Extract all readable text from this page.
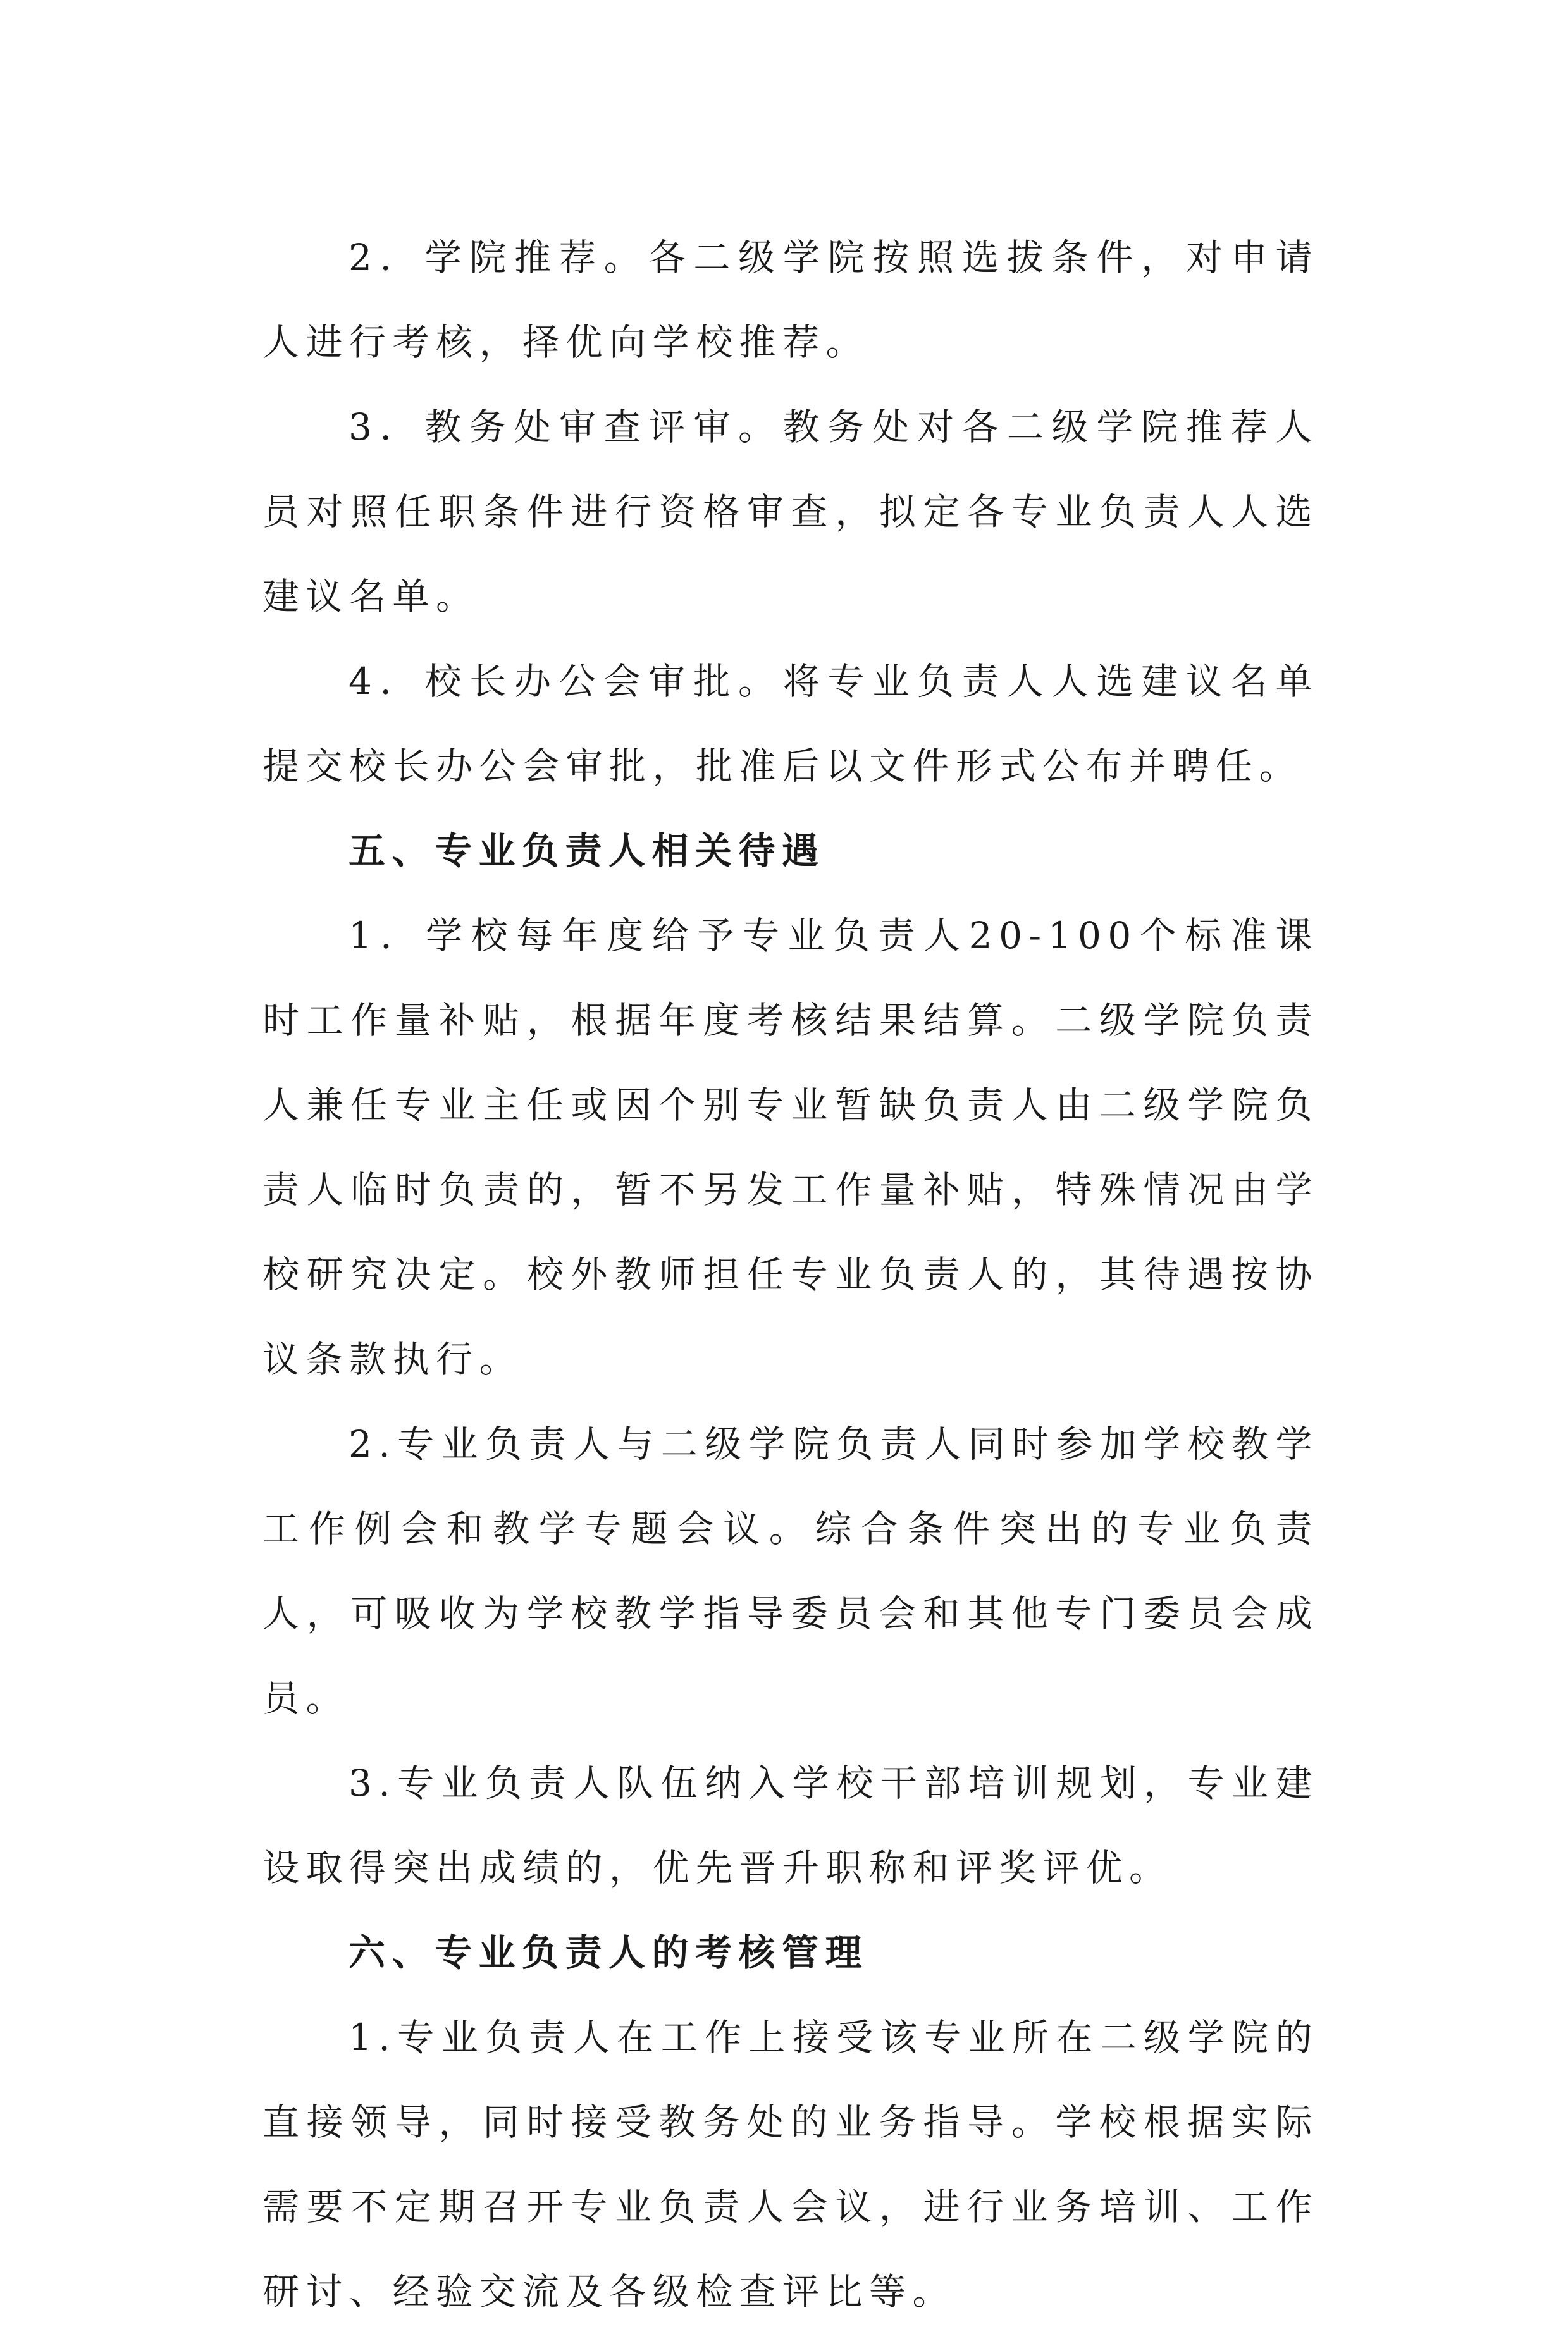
2．学院推荐。各二级学院按照选拔条件，对申请人进行考核，择优向学校推荐。

3．教务处审查评审。教务处对各二级学院推荐人员对照任职条件进行资格审查，拟定各专业负责人人选建议名单。

4．校长办公会审批。将专业负责人人选建议名单提交校长办公会审批，批准后以文件形式公布并聘任。

五、专业负责人相关待遇

1．学校每年度给予专业负责人20-100个标准课时工作量补贴，根据年度考核结果结算。二级学院负责人兼任专业主任或因个别专业暂缺负责人由二级学院负责人临时负责的，暂不另发工作量补贴，特殊情况由学校研究决定。校外教师担任专业负责人的，其待遇按协议条款执行。

2.专业负责人与二级学院负责人同时参加学校教学工作例会和教学专题会议。综合条件突出的专业负责人，可吸收为学校教学指导委员会和其他专门委员会成员。

3.专业负责人队伍纳入学校干部培训规划，专业建设取得突出成绩的，优先晋升职称和评奖评优。

六、专业负责人的考核管理

1.专业负责人在工作上接受该专业所在二级学院的直接领导，同时接受教务处的业务指导。学校根据实际需要不定期召开专业负责人会议，进行业务培训、工作研讨、经验交流及各级检查评比等。
